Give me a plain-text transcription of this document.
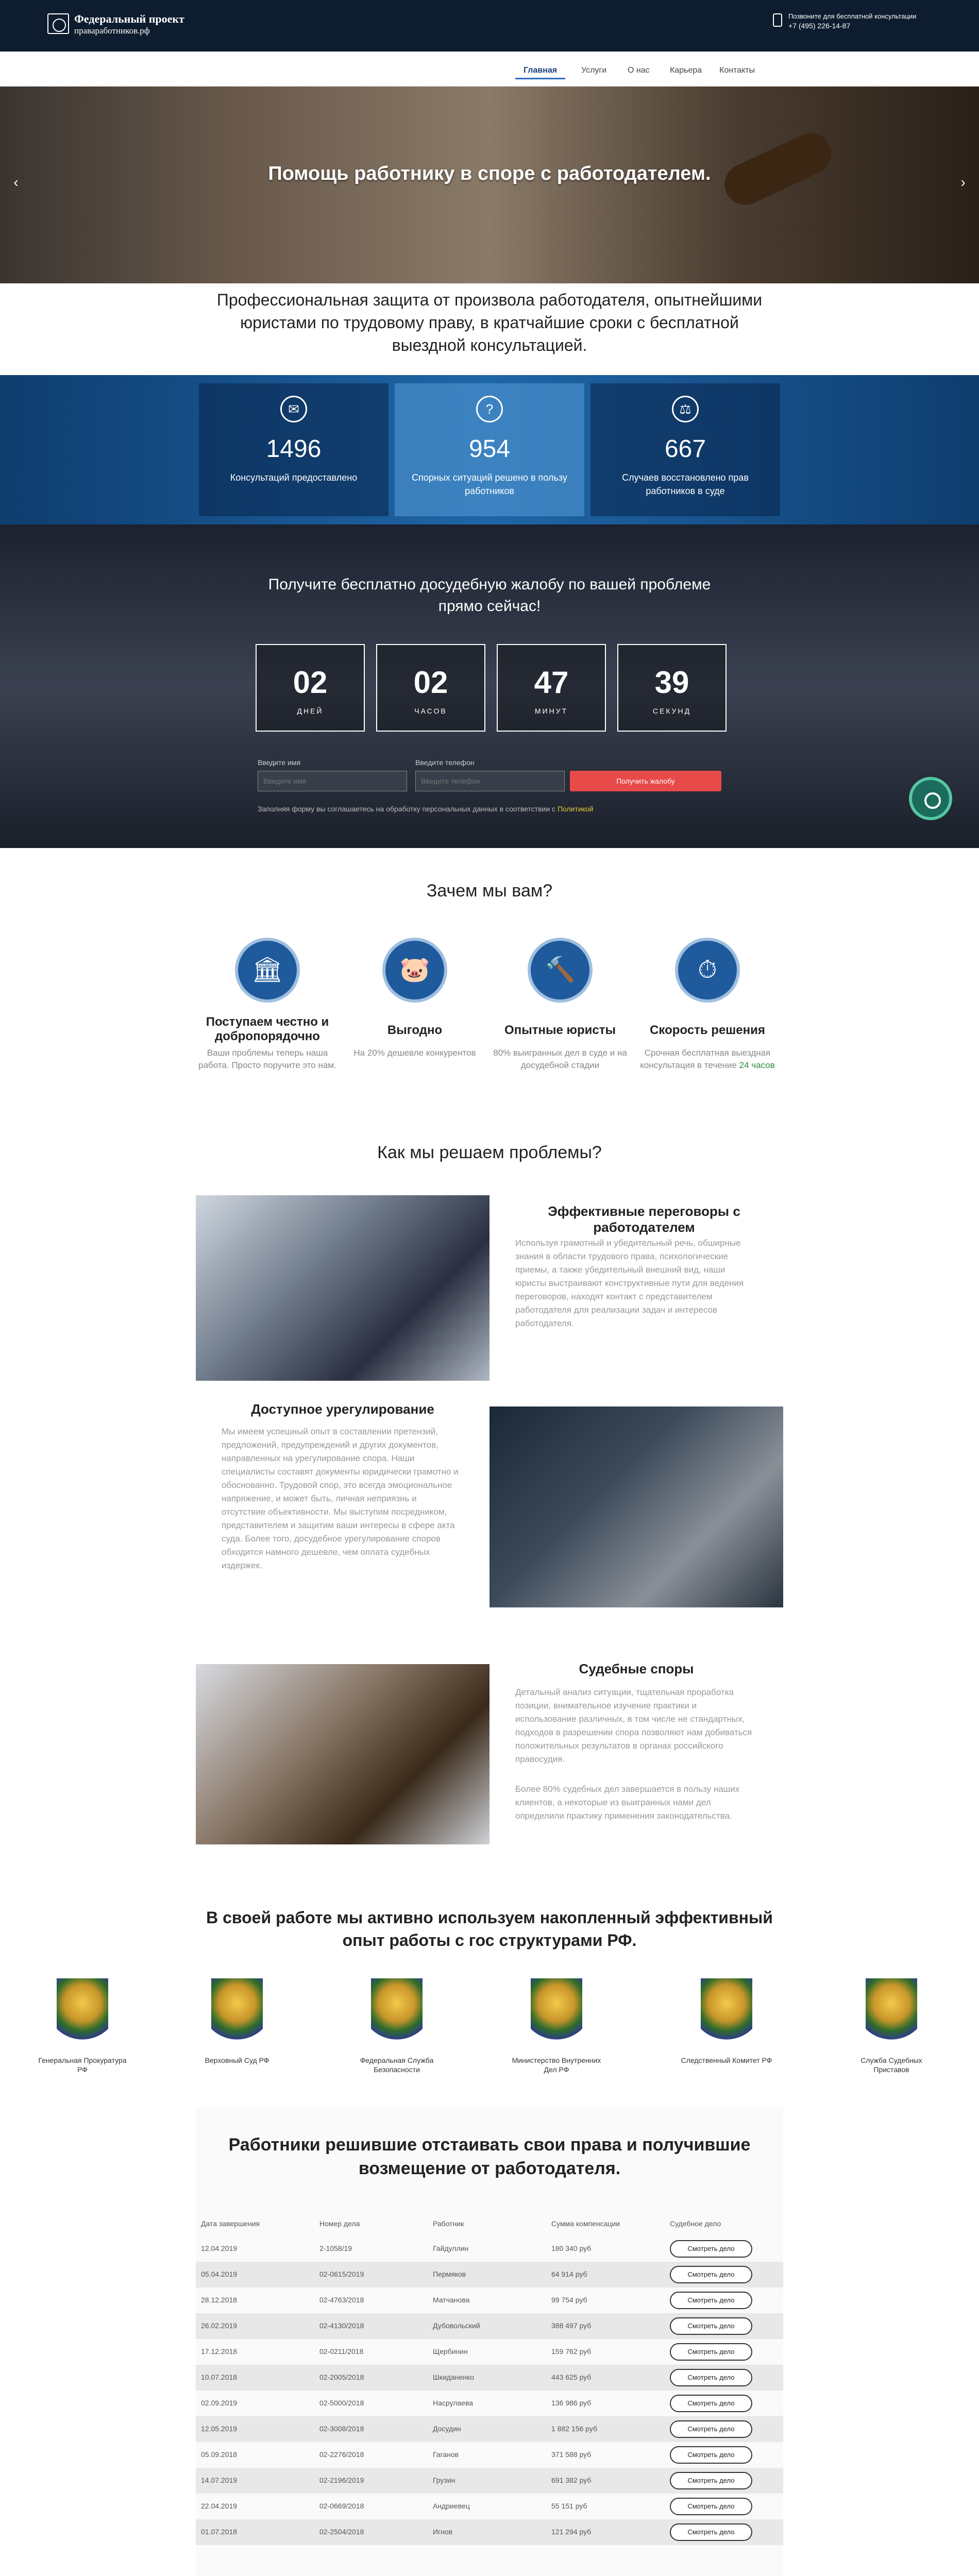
Федеральный проект
праваработников.рф
Позвоните для бесплатной консультации
+7 (495) 226-14-87
Главная	Услуги	О нас	Карьера	Контакты
‹	›
Помощь работнику в споре с работодателем.
Профессиональная защита от произвола работодателя, опытнейшими юристами по трудовому праву, в кратчайшие сроки с бесплатной выездной консультацией.
✉
1496
Консультаций предоставлено
?
954
Спорных ситуаций решено в пользу работников
⚖
667
Случаев восстановлено прав работников в суде
Получите бесплатно досудебную жалобу по вашей проблеме прямо сейчас!
02
ДНЕЙ
02
ЧАСОВ
47
МИНУТ
39
СЕКУНД
Введите имя	Введите телефон
Введите имя
Введите телефон
Получить жалобу
Заполняя форму вы соглашаетесь на обработку персональных данных в соответствии с Политикой
Зачем мы вам?
🏛
Поступаем честно и добропорядочно
Ваши проблемы теперь наша работа. Просто поручите это нам.
🐷
Выгодно
На 20% дешевле конкурентов
🔨
Опытные юристы
80% выигранных дел в суде и на досудебной стадии
⏱
Скорость решения
Срочная бесплатная выездная консультация в течение 24 часов
Как мы решаем проблемы?
Эффективные переговоры с работодателем
Используя грамотный и убедительный речь, обширные знания в области трудового права, психологические приемы, а также убедительный внешний вид, наши юристы выстраивают конструктивные пути для ведения переговоров, находят контакт с представителем работодателя для реализации задач и интересов работодателя.
Доступное урегулирование
Мы имеем успешный опыт в составлении претензий, предложений, предупреждений и других документов, направленных на урегулирование спора. Наши специалисты составят документы юридически грамотно и обоснованно. Трудовой спор, это всегда эмоциональное напряжение, и может быть, личная неприязнь и отсутствие объективности. Мы выступим посредником, представителем и защитим ваши интересы в сфере акта суда. Более того, досудебное урегулирование споров обходится намного дешевле, чем оплата судебных издержек.
Судебные споры
Детальный анализ ситуации, тщательная проработка позиции, внимательное изучение практики и использование различных, в том числе не стандартных, подходов в разрешении спора позволяют нам добиваться положительных результатов в органах российского правосудия.
Более 80% судебных дел завершается в пользу наших клиентов, а некоторые из выигранных нами дел определили практику применения законодательства.
В своей работе мы активно используем накопленный эффективный опыт работы с гос структурами РФ.
Генеральная Прокуратура РФ
Верховный Суд РФ	Федеральная Служба Безопасности
Министерство Внутренних Дел РФ
Следственный Комитет РФ	Служба Судебных Приставов
Работники решившие отстаивать свои права и получившие возмещение от работодателя.
Дата завершения	Номер дела	Работник	Сумма компенсации	Судебное дело
12.04.2019	2-1058/19	Гайдуллин	180 340 руб	Смотреть дело
05.04.2019	02-0615/2019	Пермяков	64 914 руб	Смотреть дело
28.12.2018	02-4763/2018	Матчанова	99 754 руб	Смотреть дело
26.02.2019	02-4130/2018	Дубовольский	388 497 руб	Смотреть дело
17.12.2018	02-0211/2018	Щербинин	159 762 руб	Смотреть дело
10.07.2018	02-2005/2018	Шкиданенко	443 625 руб	Смотреть дело
02.09.2019	02-5000/2018	Насрулаева	136 986 руб	Смотреть дело
12.05.2019	02-3008/2018	Досудин	1 882 156 руб	Смотреть дело
05.09.2018	02-2276/2018	Гаганов	371 588 руб	Смотреть дело
14.07.2019	02-2196/2019	Грузин	691 382 руб	Смотреть дело
22.04.2019	02-0669/2018	Андриевец	55 151 руб	Смотреть дело
01.07.2018	02-2504/2018	Игнов	121 294 руб	Смотреть дело
